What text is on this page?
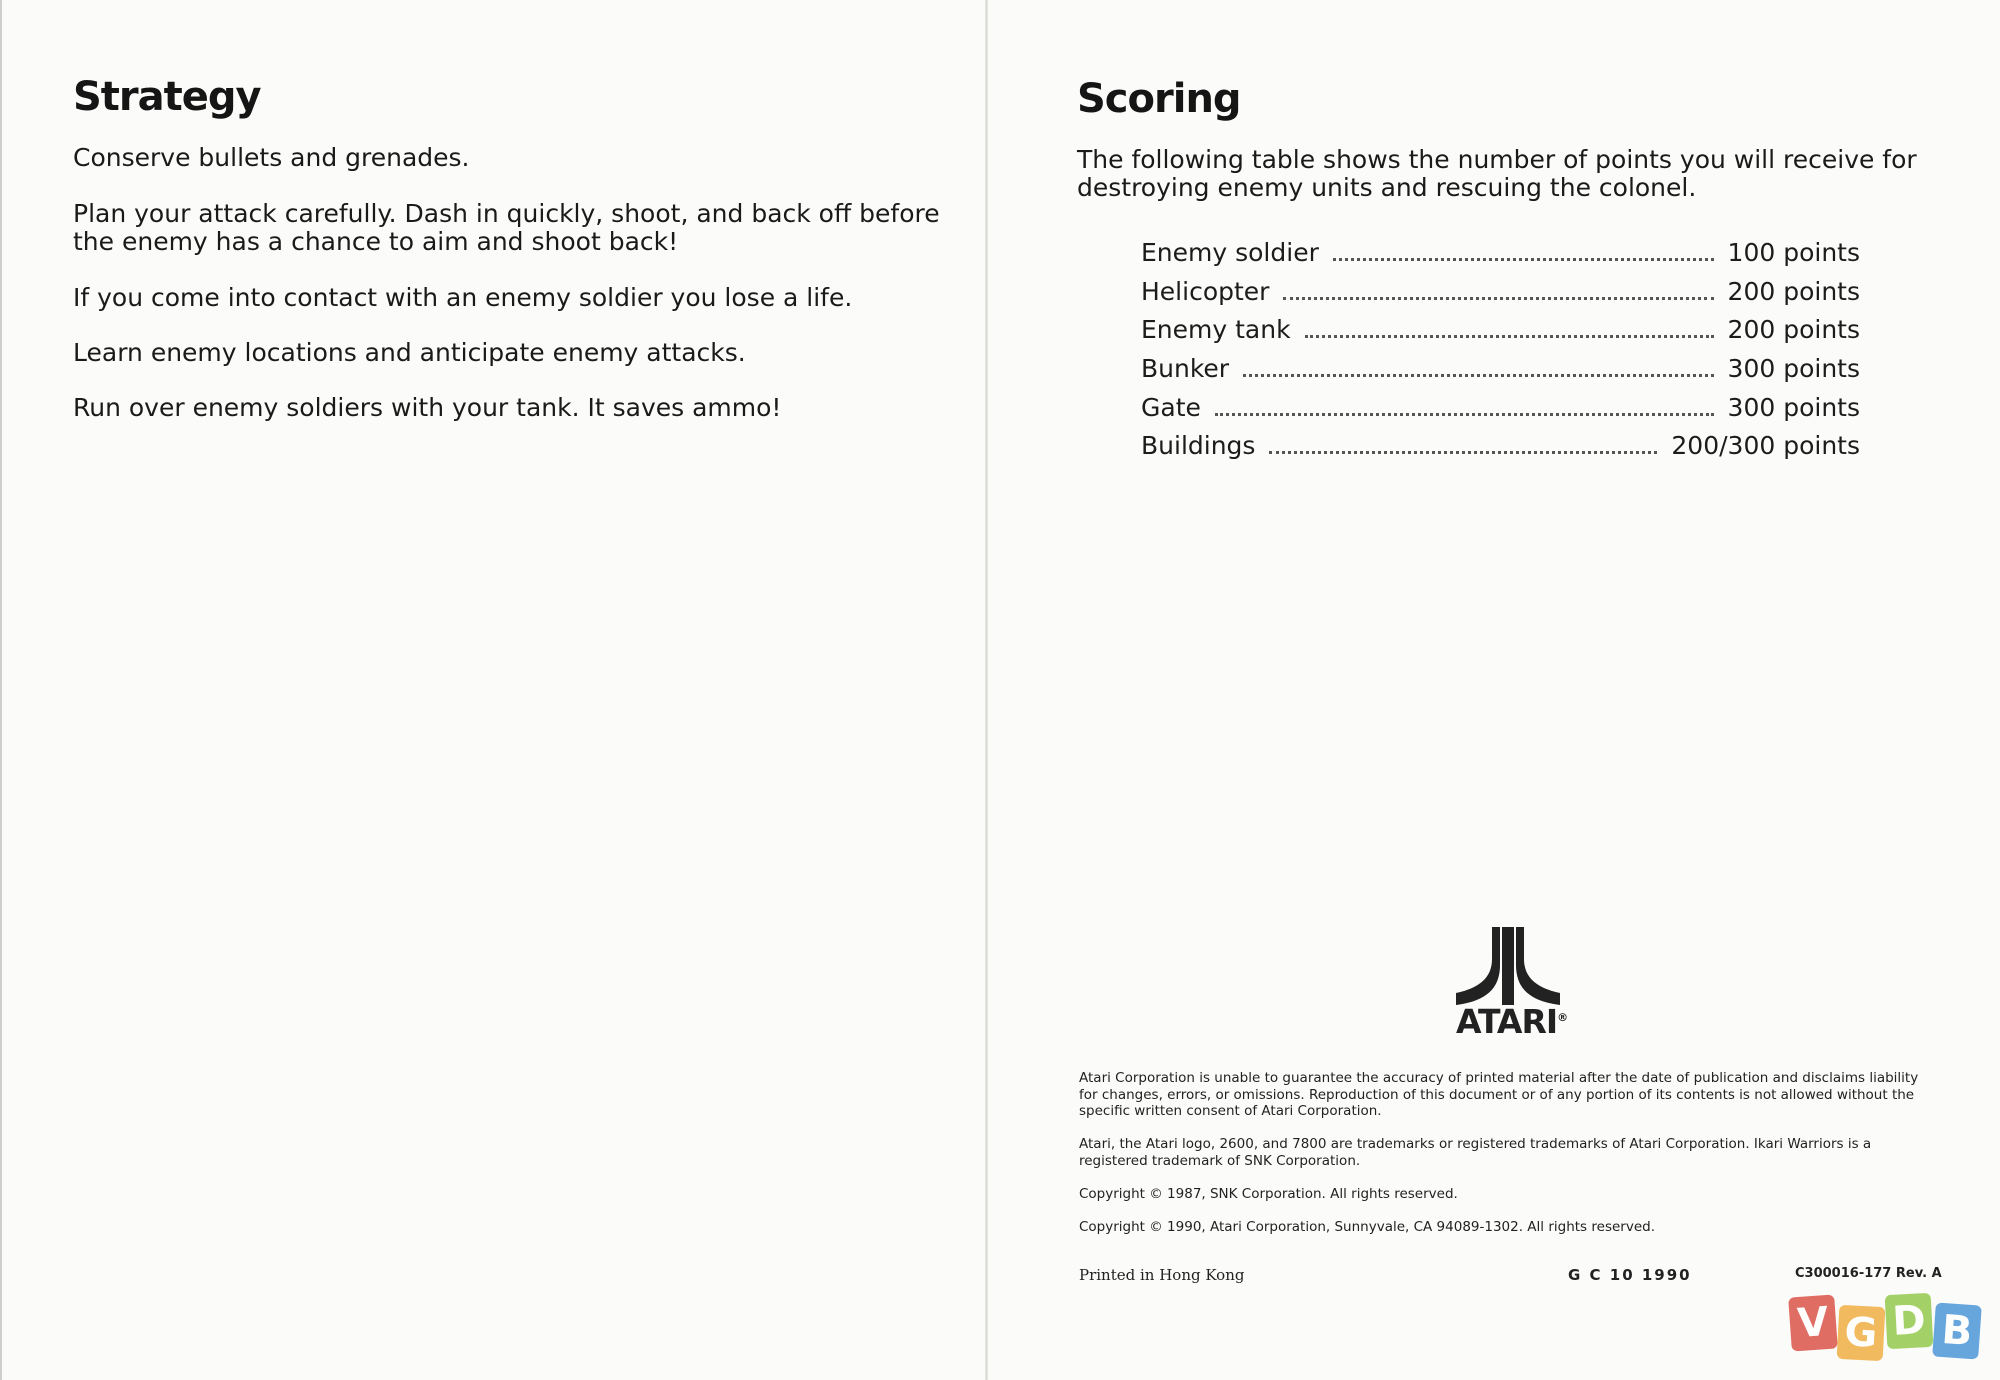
Strategy

Conserve bullets and grenades.

Plan your attack carefully. Dash in quickly, shoot, and back off before the enemy has a chance to aim and shoot back!

If you come into contact with an enemy soldier you lose a life.

Learn enemy locations and anticipate enemy attacks.

Run over enemy soldiers with your tank. It saves ammo!

Scoring

The following table shows the number of points you will receive for destroying enemy units and rescuing the colonel.

Enemy soldier	100 points
Helicopter	200 points
Enemy tank	200 points
Bunker	300 points
Gate	300 points
Buildings	200/300 points
ATARI®

Atari Corporation is unable to guarantee the accuracy of printed material after the date of publication and disclaims liability for changes, errors, or omissions. Reproduction of this document or of any portion of its contents is not allowed without the specific written consent of Atari Corporation.

Atari, the Atari logo, 2600, and 7800 are trademarks or registered trademarks of Atari Corporation. Ikari Warriors is a registered trademark of SNK Corporation.

Copyright © 1987, SNK Corporation. All rights reserved.

Copyright © 1990, Atari Corporation, Sunnyvale, CA 94089-1302. All rights reserved.

Printed in Hong Kong	G C 10 1990	C300016-177 Rev. A
V G D B
